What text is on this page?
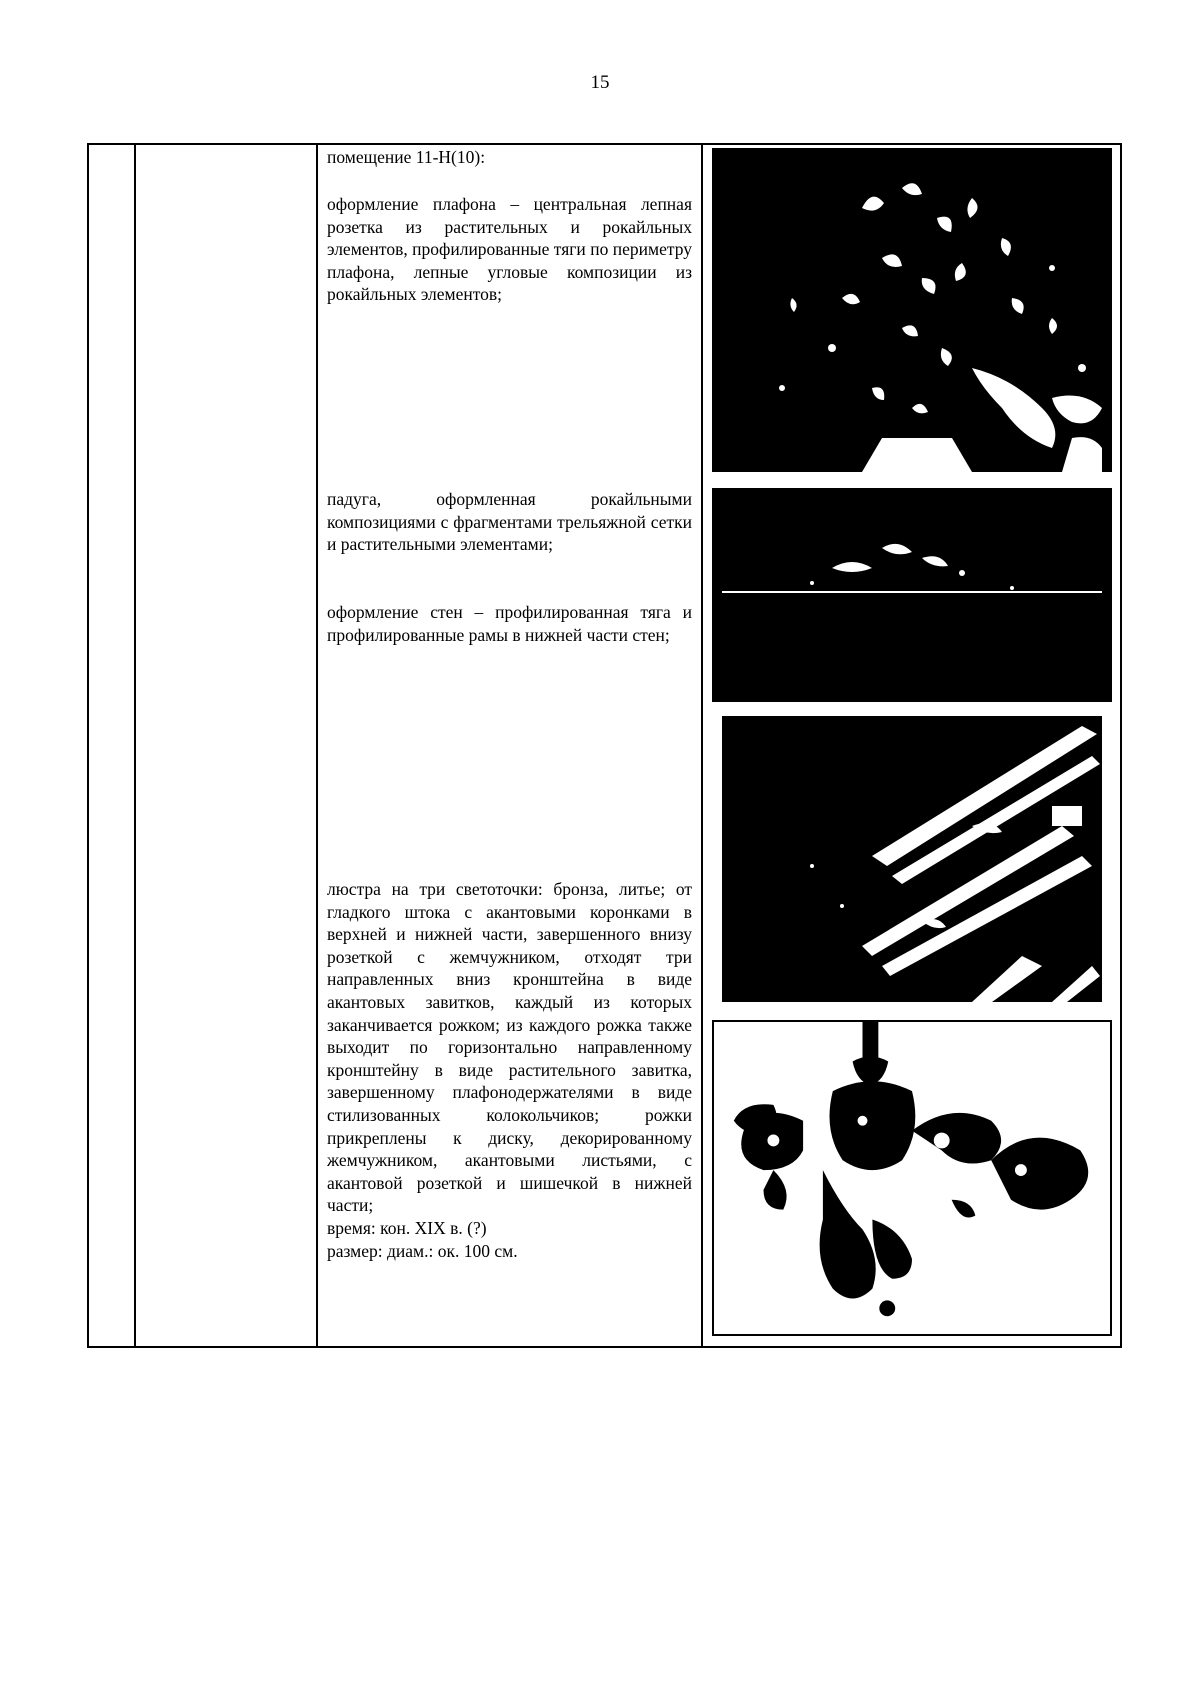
15

помещение 11-Н(10):

оформление плафона – центральная лепная розетка из растительных и рокайльных элементов, профилированные тяги по периметру плафона, лепные угловые композиции из рокайльных элементов;

падуга, оформленная рокайльными композициями с фрагментами трельяжной сетки и растительными элементами;

оформление стен – профилированная тяга и профилированные рамы в нижней части стен;

люстра на три светоточки: бронза, литье; от гладкого штока с акантовыми коронками в верхней и нижней части, завершенного внизу розеткой с жемчужником, отходят три направленных вниз кронштейна в виде акантовых завитков, каждый из которых заканчивается рожком; из каждого рожка также выходит по горизонтально направленному кронштейну в виде растительного завитка, завершенному плафонодержателями в виде стилизованных колокольчиков; рожки прикреплены к диску, декорированному жемчужником, акантовыми листьями, с акантовой розеткой и шишечкой в нижней части;

время: кон. XIX в. (?)

размер: диам.: ок. 100 см.
